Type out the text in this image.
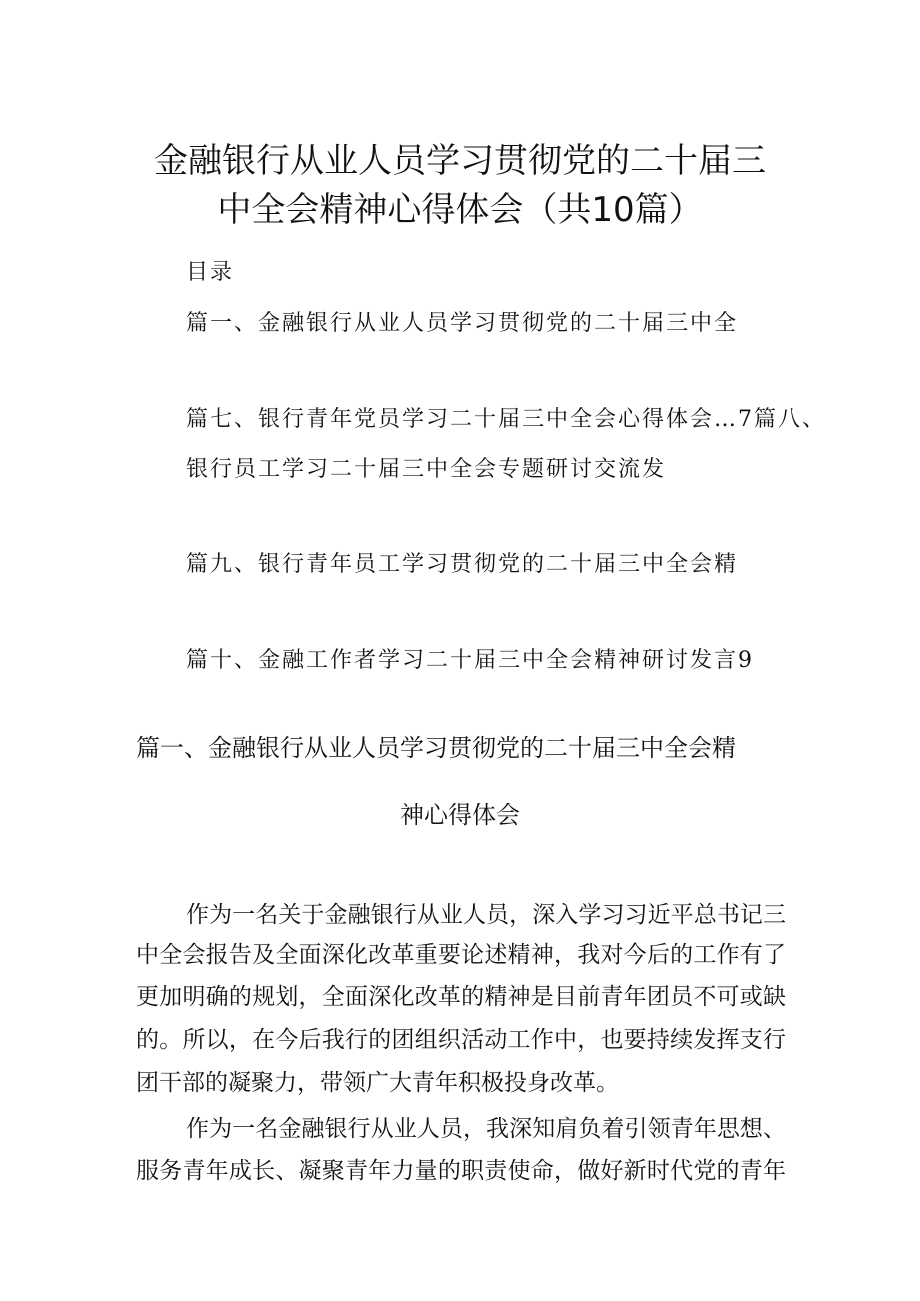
金融银行从业人员学习贯彻党的二十届三
中全会精神心得体会（共10篇）
目录
篇一、金融银行从业人员学习贯彻党的二十届三中全
篇七、银行青年党员学习二十届三中全会心得体会…7篇八、
银行员工学习二十届三中全会专题研讨交流发
篇九、银行青年员工学习贯彻党的二十届三中全会精
篇十、金融工作者学习二十届三中全会精神研讨发言9
篇一、金融银行从业人员学习贯彻党的二十届三中全会精
神心得体会
作为一名关于金融银行从业人员，深入学习习近平总书记三
中全会报告及全面深化改革重要论述精神，我对今后的工作有了
更加明确的规划，全面深化改革的精神是目前青年团员不可或缺
的。所以，在今后我行的团组织活动工作中，也要持续发挥支行
团干部的凝聚力，带领广大青年积极投身改革。
作为一名金融银行从业人员，我深知肩负着引领青年思想、
服务青年成长、凝聚青年力量的职责使命，做好新时代党的青年
